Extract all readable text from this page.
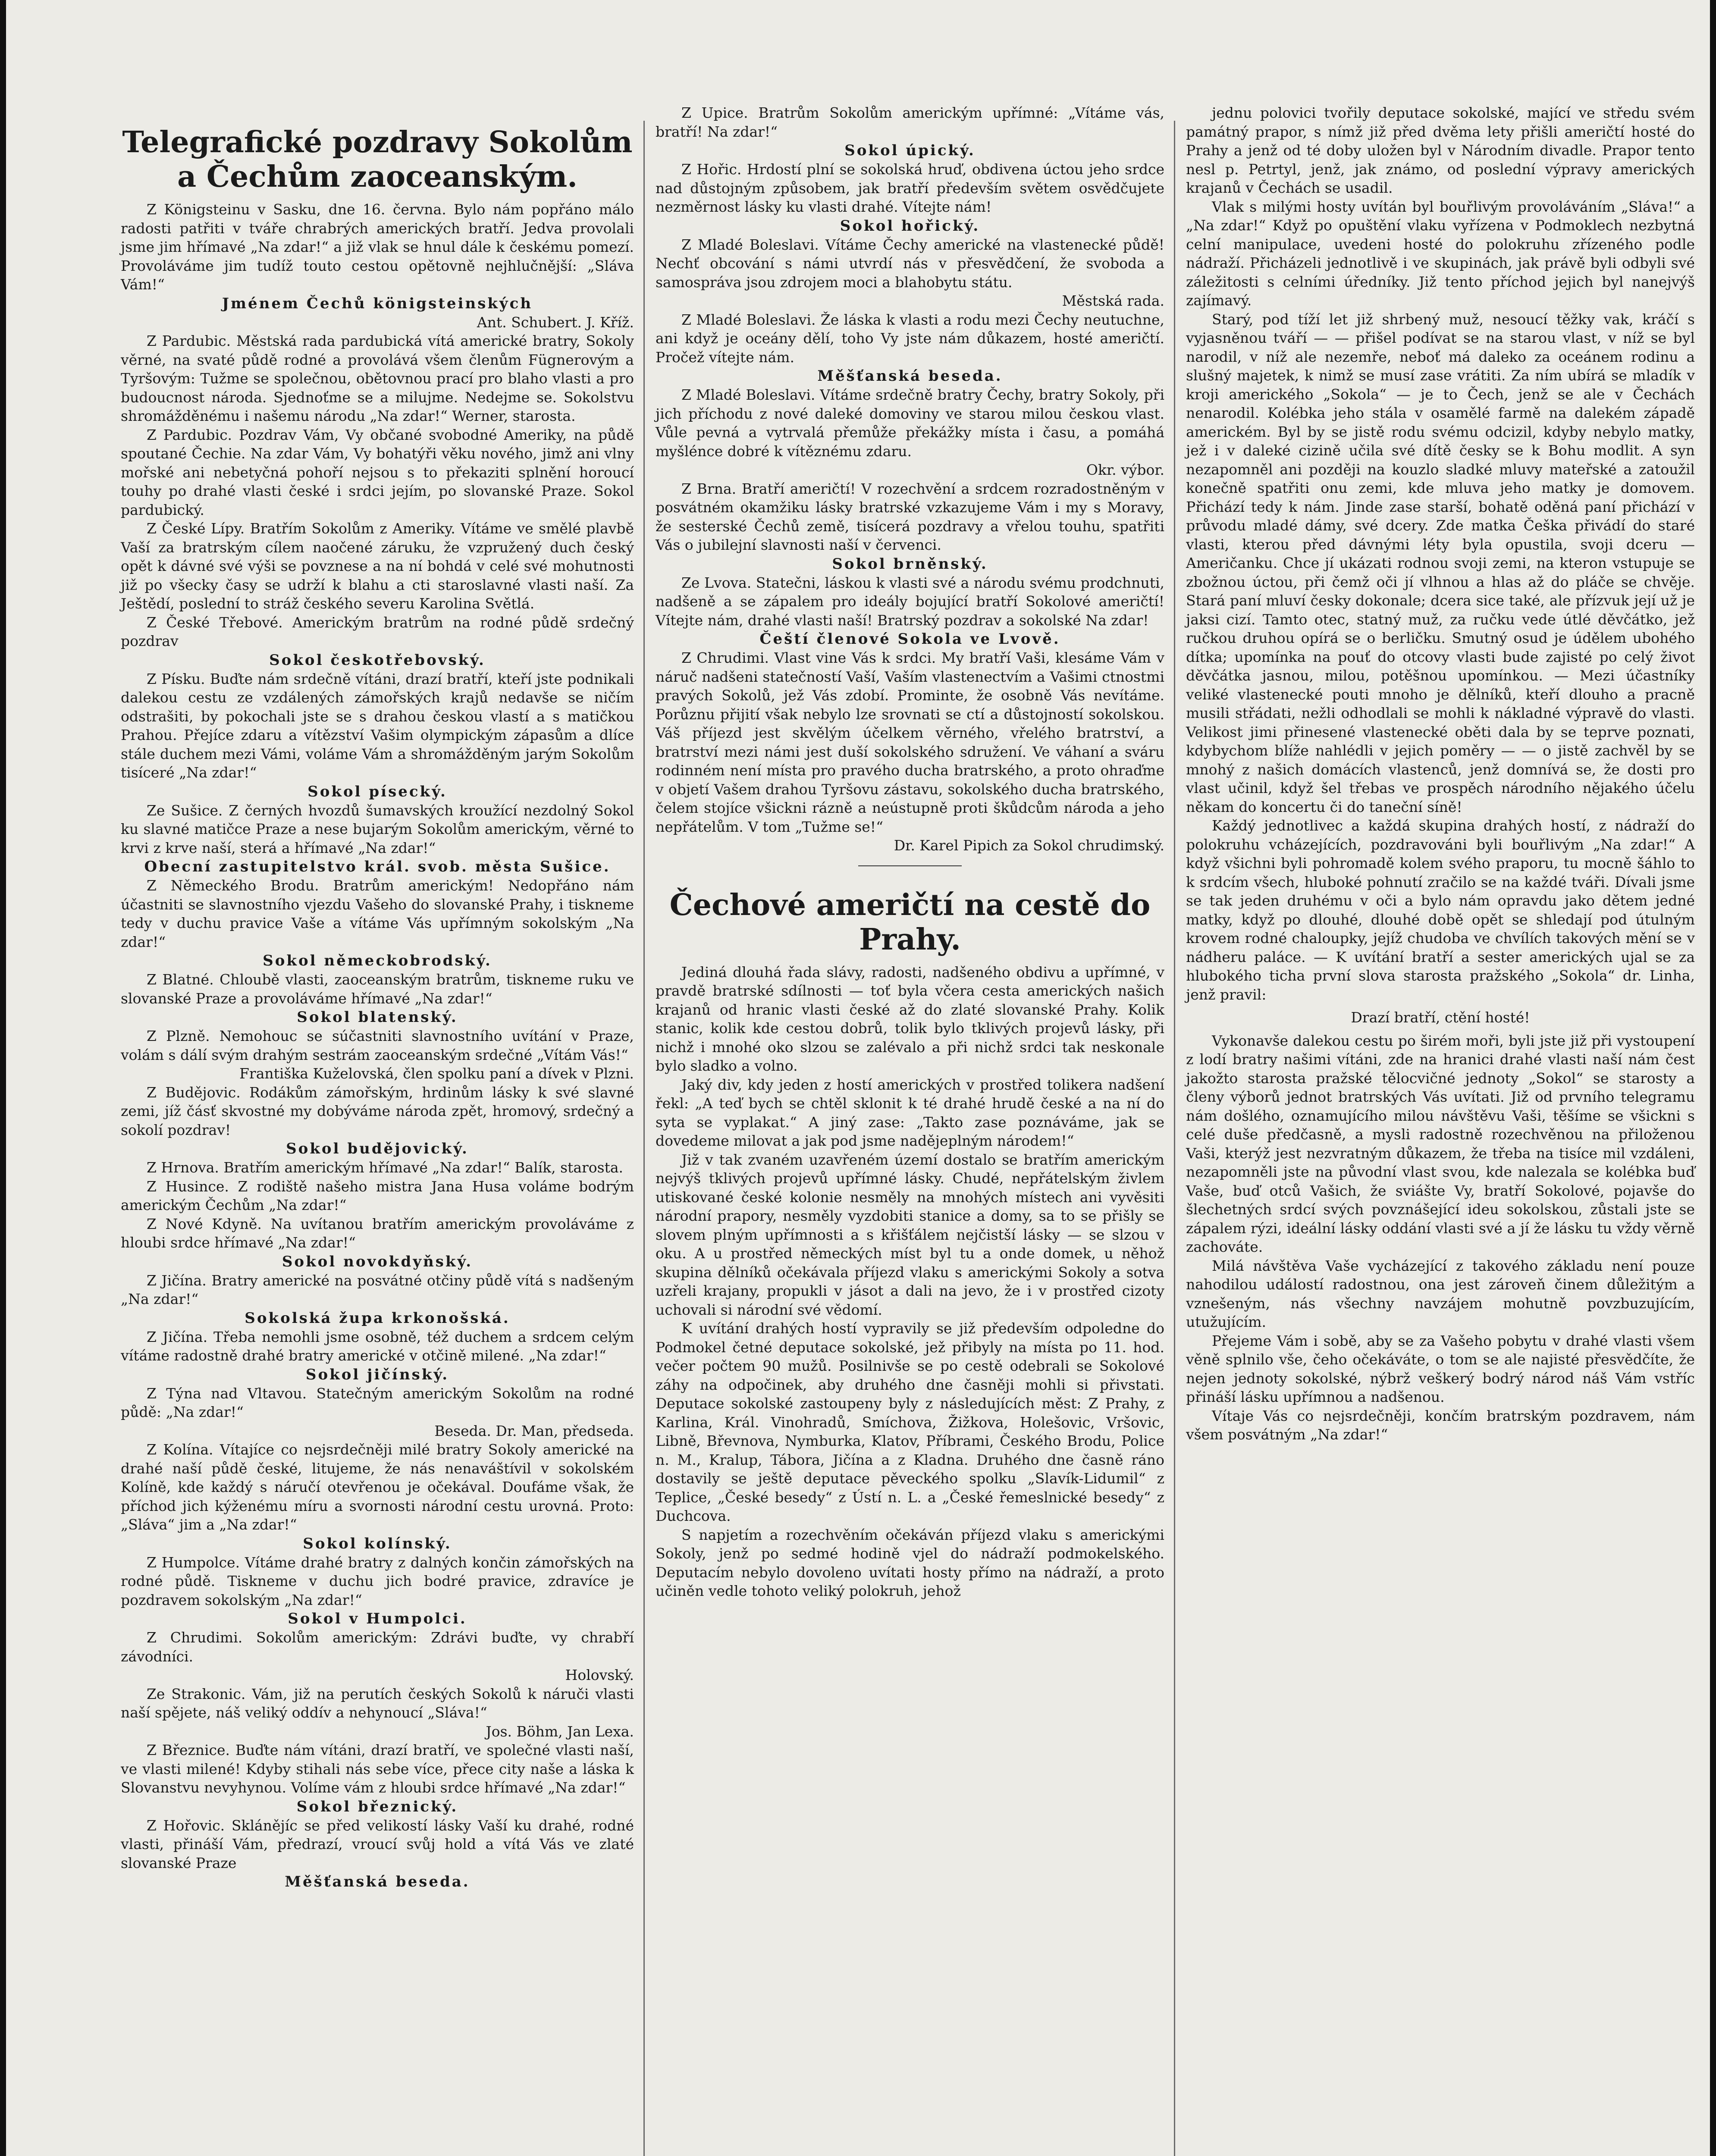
Telegrafické pozdravy Sokolům a Čechům zaoceanským.

Z Königsteinu v Sasku, dne 16. června. Bylo nám popřáno málo radosti patřiti v tváře chrabrých amerických bratří. Jedva provolali jsme jim hřímavé „Na zdar!“ a již vlak se hnul dále k českému pomezí. Provoláváme jim tudíž touto cestou opětovně nejhlučnější: „Sláva Vám!“

Jménem Čechů königsteinských

Ant. Schubert. J. Kříž.

Z Pardubic. Městská rada pardubická vítá americké bratry, Sokoly věrné, na svaté půdě rodné a provolává všem členům Fügnerovým a Tyršovým: Tužme se společnou, obětovnou prací pro blaho vlasti a pro budoucnost národa. Sjednoťme se a milujme. Nedejme se. Sokolstvu shromážděnému i našemu národu „Na zdar!“ Werner, starosta.

Z Pardubic. Pozdrav Vám, Vy občané svobodné Ameriky, na půdě spoutané Čechie. Na zdar Vám, Vy bohatýři věku nového, jimž ani vlny mořské ani nebetyčná pohoří nejsou s to překaziti splnění horoucí touhy po drahé vlasti české i srdci jejím, po slovanské Praze. Sokol pardubický.

Z České Lípy. Bratřím Sokolům z Ameriky. Vítáme ve smělé plavbě Vaší za bratrským cílem naočené záruku, že vzpružený duch český opět k dávné své výši se povznese a na ní bohdá v celé své mohutnosti již po všecky časy se udrží k blahu a cti staroslavné vlasti naší. Za Ještědí, poslední to stráž českého severu Karolina Světlá.

Z České Třebové. Americkým bratrům na rodné půdě srdečný pozdrav

Sokol českotřebovský.

Z Písku. Buďte nám srdečně vítáni, drazí bratří, kteří jste podnikali dalekou cestu ze vzdálených zámořských krajů nedavše se ničím odstrašiti, by pokochali jste se s drahou českou vlastí a s matičkou Prahou. Přejíce zdaru a vítězství Vašim olympickým zápasům a dlíce stále duchem mezi Vámi, voláme Vám a shromážděným jarým Sokolům tisíceré „Na zdar!“

Sokol písecký.

Ze Sušice. Z černých hvozdů šumavských kroužící nezdolný Sokol ku slavné matičce Praze a nese bujarým Sokolům americkým, věrné to krvi z krve naší, sterá a hřímavé „Na zdar!“

Obecní zastupitelstvo král. svob. města Sušice.

Z Německého Brodu. Bratrům americkým! Nedopřáno nám účastniti se slavnostního vjezdu Vašeho do slovanské Prahy, i tiskneme tedy v duchu pravice Vaše a vítáme Vás upřímným sokolským „Na zdar!“

Sokol německobrodský.

Z Blatné. Chloubě vlasti, zaoceanským bratrům, tiskneme ruku ve slovanské Praze a provoláváme hřímavé „Na zdar!“

Sokol blatenský.

Z Plzně. Nemohouc se súčastniti slavnostního uvítání v Praze, volám s dálí svým drahým sestrám zaoceanským srdečné „Vítám Vás!“

Františka Kuželovská, člen spolku paní a dívek v Plzni.

Z Budějovic. Rodákům zámořským, hrdinům lásky k své slavné zemi, jíž čásť skvostné my dobýváme národa zpět, hromový, srdečný a sokolí pozdrav!

Sokol budějovický.

Z Hrnova. Bratřím americkým hřímavé „Na zdar!“ Balík, starosta.

Z Husince. Z rodiště našeho mistra Jana Husa voláme bodrým americkým Čechům „Na zdar!“

Z Nové Kdyně. Na uvítanou bratřím americkým provoláváme z hloubi srdce hřímavé „Na zdar!“

Sokol novokdyňský.

Z Jičína. Bratry americké na posvátné otčiny půdě vítá s nadšeným „Na zdar!“

Sokolská župa krkonošská.

Z Jičína. Třeba nemohli jsme osobně, též duchem a srdcem celým vítáme radostně drahé bratry americké v otčině milené. „Na zdar!“

Sokol jičínský.

Z Týna nad Vltavou. Statečným americkým Sokolům na rodné půdě: „Na zdar!“

Beseda. Dr. Man, předseda.

Z Kolína. Vítajíce co nejsrdečněji milé bratry Sokoly americké na drahé naší půdě české, litujeme, že nás nenaváštívil v sokolském Kolíně, kde každý s náručí otevřenou je očekával. Doufáme však, že příchod jich kýženému míru a svornosti národní cestu urovná. Proto: „Sláva“ jim a „Na zdar!“

Sokol kolínský.

Z Humpolce. Vítáme drahé bratry z dalných končin zámořských na rodné půdě. Tiskneme v duchu jich bodré pravice, zdravíce je pozdravem sokolským „Na zdar!“

Sokol v Humpolci.

Z Chrudimi. Sokolům americkým: Zdrávi buďte, vy chrabří závodníci.

Holovský.

Ze Strakonic. Vám, již na perutích českých Sokolů k náruči vlasti naší spějete, náš veliký oddív a nehynoucí „Sláva!“

Jos. Böhm, Jan Lexa.

Z Březnice. Buďte nám vítáni, drazí bratří, ve společné vlasti naší, ve vlasti milené! Kdyby stihali nás sebe více, přece city naše a láska k Slovanstvu nevyhynou. Volíme vám z hloubi srdce hřímavé „Na zdar!“

Sokol březnický.

Z Hořovic. Sklánějíc se před velikostí lásky Vaší ku drahé, rodné vlasti, přináší Vám, předrazí, vroucí svůj hold a vítá Vás ve zlaté slovanské Praze

Měšťanská beseda.

Z Upice. Bratrům Sokolům americkým upřímné: „Vítáme vás, bratří! Na zdar!“

Sokol úpický.

Z Hořic. Hrdostí plní se sokolská hruď, obdivena úctou jeho srdce nad důstojným způsobem, jak bratří především světem osvědčujete nezměrnost lásky ku vlasti drahé. Vítejte nám!

Sokol hořický.

Z Mladé Boleslavi. Vítáme Čechy americké na vlastenecké půdě! Nechť obcování s námi utvrdí nás v přesvědčení, že svoboda a samospráva jsou zdrojem moci a blahobytu státu.

Městská rada.

Z Mladé Boleslavi. Že láska k vlasti a rodu mezi Čechy neutuchne, ani když je oceány dělí, toho Vy jste nám důkazem, hosté američtí. Pročež vítejte nám.

Měšťanská beseda.

Z Mladé Boleslavi. Vítáme srdečně bratry Čechy, bratry Sokoly, při jich příchodu z nové daleké domoviny ve starou milou českou vlast. Vůle pevná a vytrvalá přemůže překážky místa i času, a pomáhá myšlénce dobré k vítěznému zdaru.

Okr. výbor.

Z Brna. Bratří američtí! V rozechvění a srdcem rozradostněným v posvátném okamžiku lásky bratrské vzkazujeme Vám i my s Moravy, že sesterské Čechů země, tisícerá pozdravy a vřelou touhu, spatřiti Vás o jubilejní slavnosti naší v červenci.

Sokol brněnský.

Ze Lvova. Statečni, láskou k vlasti své a národu svému prodchnuti, nadšeně a se zápalem pro ideály bojující bratří Sokolové američtí! Vítejte nám, drahé vlasti naší! Bratrský pozdrav a sokolské Na zdar!

Čeští členové Sokola ve Lvově.

Z Chrudimi. Vlast vine Vás k srdci. My bratří Vaši, klesáme Vám v náruč nadšeni statečností Vaší, Vaším vlastenectvím a Vašimi ctnostmi pravých Sokolů, jež Vás zdobí. Prominte, že osobně Vás nevítáme. Porůznu přijití však nebylo lze srovnati se ctí a důstojností sokolskou. Váš příjezd jest skvělým účelkem věrného, vřelého bratrství, a bratrství mezi námi jest duší sokolského sdružení. Ve váhaní a sváru rodinném není místa pro pravého ducha bratrského, a proto ohraďme v objetí Vašem drahou Tyršovu zástavu, sokolského ducha bratrského, čelem stojíce všickni rázně a neústupně proti škůdcům národa a jeho nepřátelům. V tom „Tužme se!“

Dr. Karel Pipich za Sokol chrudimský.

Čechové američtí na cestě do Prahy.

Jediná dlouhá řada slávy, radosti, nadšeného obdivu a upřímné, v pravdě bratrské sdílnosti — toť byla včera cesta amerických našich krajanů od hranic vlasti české až do zlaté slovanské Prahy. Kolik stanic, kolik kde cestou dobrů, tolik bylo tklivých projevů lásky, při nichž i mnohé oko slzou se zalévalo a při nichž srdci tak neskonale bylo sladko a volno.

Jaký div, kdy jeden z hostí amerických v prostřed tolikera nadšení řekl: „A teď bych se chtěl sklonit k té drahé hrudě české a na ní do syta se vyplakat.“ A jiný zase: „Takto zase poznáváme, jak se dovedeme milovat a jak pod jsme nadějeplným národem!“

Již v tak zvaném uzavřeném území dostalo se bratřím americkým nejvýš tklivých projevů upřímné lásky. Chudé, nepřátelským živlem utiskované české kolonie nesměly na mnohých místech ani vyvěsiti národní prapory, nesměly vyzdobiti stanice a domy, sa to se přišly se slovem plným upřímnosti a s křišťálem nejčistší lásky — se slzou v oku. A u prostřed německých míst byl tu a onde domek, u něhož skupina dělníků očekávala příjezd vlaku s americkými Sokoly a sotva uzřeli krajany, propukli v jásot a dali na jevo, že i v prostřed cizoty uchovali si národní své vědomí.

K uvítání drahých hostí vypravily se již především odpoledne do Podmokel četné deputace sokolské, jež přibyly na místa po 11. hod. večer počtem 90 mužů. Posilnivše se po cestě odebrali se Sokolové záhy na odpočinek, aby druhého dne časněji mohli si přivstati. Deputace sokolské zastoupeny byly z následujících měst: Z Prahy, z Karlina, Král. Vinohradů, Smíchova, Žižkova, Holešovic, Vršovic, Libně, Břevnova, Nymburka, Klatov, Příbrami, Českého Brodu, Police n. M., Kralup, Tábora, Jičína a z Kladna. Druhého dne časně ráno dostavily se ještě deputace pěveckého spolku „Slavík-Lidumil“ z Teplice, „České besedy“ z Ústí n. L. a „České řemeslnické besedy“ z Duchcova.

S napjetím a rozechvěním očekáván příjezd vlaku s americkými Sokoly, jenž po sedmé hodině vjel do nádraží podmokelského. Deputacím nebylo dovoleno uvítati hosty přímo na nádraží, a proto učiněn vedle tohoto veliký polokruh, jehož

jednu polovici tvořily deputace sokolské, mající ve středu svém památný prapor, s nímž již před dvěma lety přišli američtí hosté do Prahy a jenž od té doby uložen byl v Národním divadle. Prapor tento nesl p. Petrtyl, jenž, jak známo, od poslední výpravy amerických krajanů v Čechách se usadil.

Vlak s milými hosty uvítán byl bouřlivým provoláváním „Sláva!“ a „Na zdar!“ Když po opuštění vlaku vyřízena v Podmoklech nezbytná celní manipulace, uvedeni hosté do polokruhu zřízeného podle nádraží. Přicházeli jednotlivě i ve skupinách, jak právě byli odbyli své záležitosti s celními úředníky. Již tento příchod jejich byl nanejvýš zajímavý.

Starý, pod tíží let již shrbený muž, nesoucí těžky vak, kráčí s vyjasněnou tváří — — přišel podívat se na starou vlast, v níž se byl narodil, v níž ale nezemře, neboť má daleko za oceánem rodinu a slušný majetek, k nimž se musí zase vrátiti. Za ním ubírá se mladík v kroji amerického „Sokola“ — je to Čech, jenž se ale v Čechách nenarodil. Kolébka jeho stála v osamělé farmě na dalekém západě americkém. Byl by se jistě rodu svému odcizil, kdyby nebylo matky, jež i v daleké cizině učila své dítě česky se k Bohu modlit. A syn nezapomněl ani později na kouzlo sladké mluvy mateřské a zatoužil konečně spatřiti onu zemi, kde mluva jeho matky je domovem. Přichází tedy k nám. Jinde zase starší, bohatě oděná paní přichází v průvodu mladé dámy, své dcery. Zde matka Češka přivádí do staré vlasti, kterou před dávnými léty byla opustila, svoji dceru — Američanku. Chce jí ukázati rodnou svoji zemi, na kteron vstupuje se zbožnou úctou, při čemž oči jí vlhnou a hlas až do pláče se chvěje. Stará paní mluví česky dokonale; dcera sice také, ale přízvuk její už je jaksi cizí. Tamto otec, statný muž, za ručku vede útlé děvčátko, jež ručkou druhou opírá se o berličku. Smutný osud je údělem ubohého dítka; upomínka na pouť do otcovy vlasti bude zajisté po celý život děvčátka jasnou, milou, potěšnou upomínkou. — Mezi účastníky veliké vlastenecké pouti mnoho je dělníků, kteří dlouho a pracně musili střádati, nežli odhodlali se mohli k nákladné výpravě do vlasti. Velikost jimi přinesené vlastenecké oběti dala by se teprve poznati, kdybychom blíže nahlédli v jejich poměry — — o jistě zachvěl by se mnohý z našich domácích vlastenců, jenž domnívá se, že dosti pro vlast učinil, když šel třebas ve prospěch národního nějakého účelu někam do koncertu či do taneční síně!

Každý jednotlivec a každá skupina drahých hostí, z nádraží do polokruhu vcházejících, pozdravováni byli bouřlivým „Na zdar!“ A když všichni byli pohromadě kolem svého praporu, tu mocně šáhlo to k srdcím všech, hluboké pohnutí zračilo se na každé tváři. Dívali jsme se tak jeden druhému v oči a bylo nám opravdu jako dětem jedné matky, když po dlouhé, dlouhé době opět se shledají pod útulným krovem rodné chaloupky, jejíž chudoba ve chvílích takových mění se v nádheru paláce. — K uvítání bratří a sester amerických ujal se za hlubokého ticha první slova starosta pražského „Sokola“ dr. Linha, jenž pravil:

Drazí bratří, ctění hosté!

Vykonavše dalekou cestu po širém moři, byli jste již při vystoupení z lodí bratry našimi vítáni, zde na hranici drahé vlasti naší nám čest jakožto starosta pražské tělocvičné jednoty „Sokol“ se starosty a členy výborů jednot bratrských Vás uvítati. Již od prvního telegramu nám došlého, oznamujícího milou návštěvu Vaši, těšíme se všickni s celé duše předčasně, a mysli radostně rozechvěnou na přiloženou Vaši, kterýž jest nezvratným důkazem, že třeba na tisíce mil vzdáleni, nezapomněli jste na původní vlast svou, kde nalezala se kolébka buď Vaše, buď otců Vašich, že sviášte Vy, bratří Sokolové, pojavše do šlechetných srdcí svých povznášející ideu sokolskou, zůstali jste se zápalem rýzi, ideální lásky oddání vlasti své a jí že lásku tu vždy věrně zachováte.

Milá návštěva Vaše vycházející z takového základu není pouze nahodilou událostí radostnou, ona jest zároveň činem důležitým a vznešeným, nás všechny navzájem mohutně povzbuzujícím, utužujícím.

Přejeme Vám i sobě, aby se za Vašeho pobytu v drahé vlasti všem věně splnilo vše, čeho očekáváte, o tom se ale najisté přesvědčíte, že nejen jednoty sokolské, nýbrž veškerý bodrý národ náš Vám vstříc přináší lásku upřímnou a nadšenou.

Vítaje Vás co nejsrdečněji, končím bratrským pozdravem, nám všem posvátným „Na zdar!“
